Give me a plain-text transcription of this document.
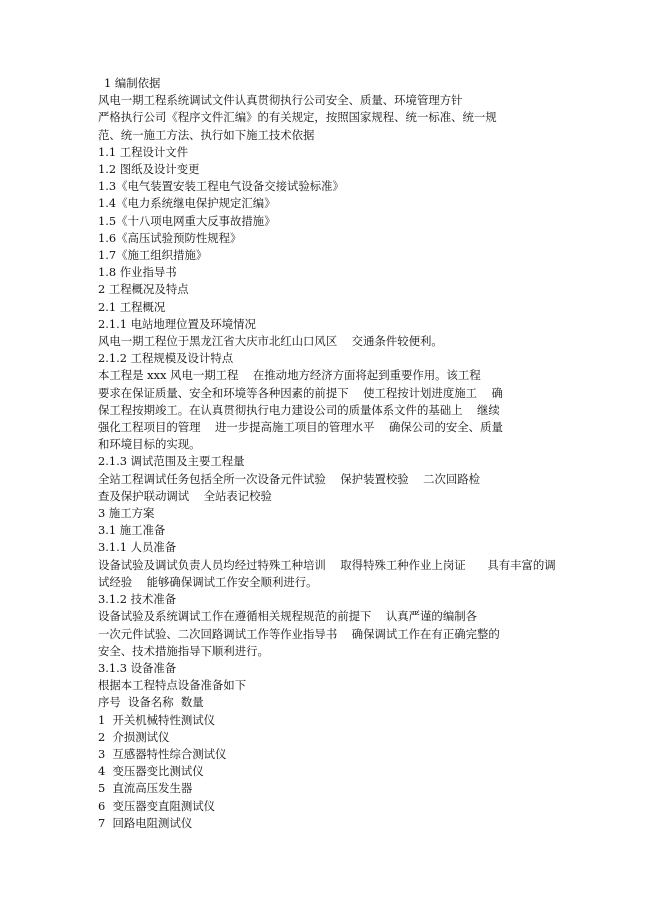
1 编制依据

风电一期工程系统调试文件认真贯彻执行公司安全、质量、环境管理方针

严格执行公司《程序文件汇编》的有关规定，按照国家规程、统一标准、统一规

范、统一施工方法、执行如下施工技术依据

1.1 工程设计文件

1.2 图纸及设计变更

1.3《电气装置安装工程电气设备交接试验标准》

1.4《电力系统继电保护规定汇编》

1.5《十八项电网重大反事故措施》

1.6《高压试验预防性规程》

1.7《施工组织措施》

1.8 作业指导书

2 工程概况及特点

2.1 工程概况

2.1.1 电站地理位置及环境情况

风电一期工程位于黑龙江省大庆市北红山口风区    交通条件较便利。

2.1.2 工程规模及设计特点

本工程是 xxx 风电一期工程    在推动地方经济方面将起到重要作用。该工程

要求在保证质量、安全和环境等各种因素的前提下    使工程按计划进度施工    确

保工程按期竣工。在认真贯彻执行电力建设公司的质量体系文件的基础上    继续

强化工程项目的管理    进一步提高施工项目的管理水平    确保公司的安全、质量

和环境目标的实现。

2.1.3 调试范围及主要工程量

全站工程调试任务包括全所一次设备元件试验    保护装置校验    二次回路检

查及保护联动调试    全站表记校验

3 施工方案

3.1 施工准备

3.1.1 人员准备

设备试验及调试负责人员均经过特殊工种培训    取得特殊工种作业上岗证      具有丰富的调

试经验    能够确保调试工作安全顺利进行。

3.1.2 技术准备

设备试验及系统调试工作在遵循相关规程规范的前提下    认真严谨的编制各

一次元件试验、二次回路调试工作等作业指导书    确保调试工作在有正确完整的

安全、技术措施指导下顺利进行。

3.1.3 设备准备

根据本工程特点设备准备如下

序号  设备名称  数量

1  开关机械特性测试仪

2  介损测试仪

3  互感器特性综合测试仪

4  变压器变比测试仪

5  直流高压发生器

6  变压器变直阻测试仪

7  回路电阻测试仪
